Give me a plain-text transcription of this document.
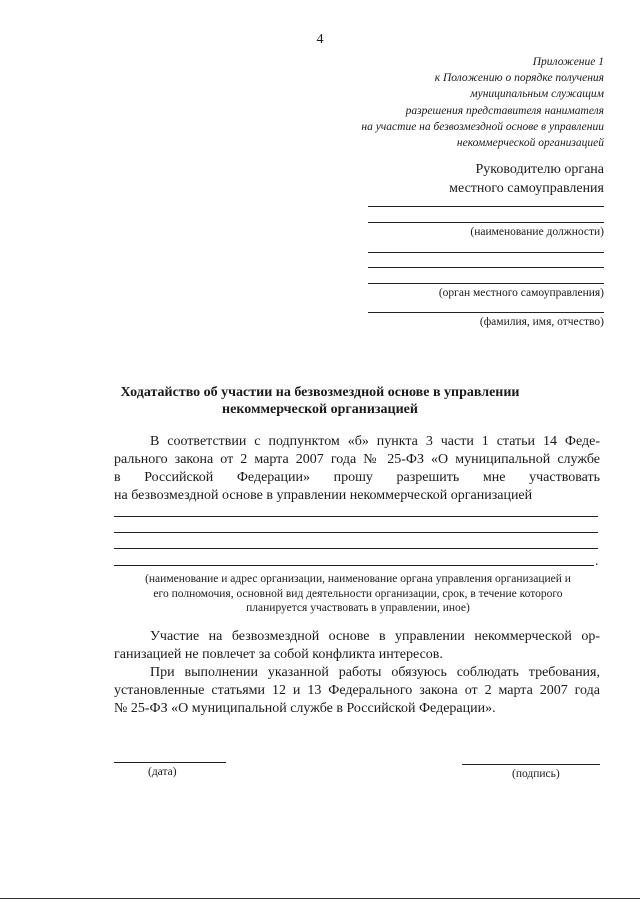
4
Приложение 1
к Положению о порядке получения
муниципальным служащим
разрешения представителя нанимателя
на участие на безвозмездной основе в управлении
некоммерческой организацией
Руководителю органа
местного самоуправления
(наименование должности)
(орган местного самоуправления)
(фамилия, имя, отчество)
Ходатайство об участии на безвозмездной основе в управлении
некоммерческой организацией
В соответствии с подпунктом «б» пункта 3 части 1 статьи 14 Феде-
рального закона от 2 марта 2007 года № 25-ФЗ «О муниципальной службе
в Российской Федерации» прошу разрешить мне участвовать
на безвозмездной основе в управлении некоммерческой организацией
.
(наименование и адрес организации, наименование органа управления организацией и
его полномочия, основной вид деятельности организации, срок, в течение которого
планируется участвовать в управлении, иное)
Участие на безвозмездной основе в управлении некоммерческой ор-
ганизацией не повлечет за собой конфликта интересов.
При выполнении указанной работы обязуюсь соблюдать требования,
установленные статьями 12 и 13 Федерального закона от 2 марта 2007 года
№ 25-ФЗ «О муниципальной службе в Российской Федерации».
(дата)	(подпись)
